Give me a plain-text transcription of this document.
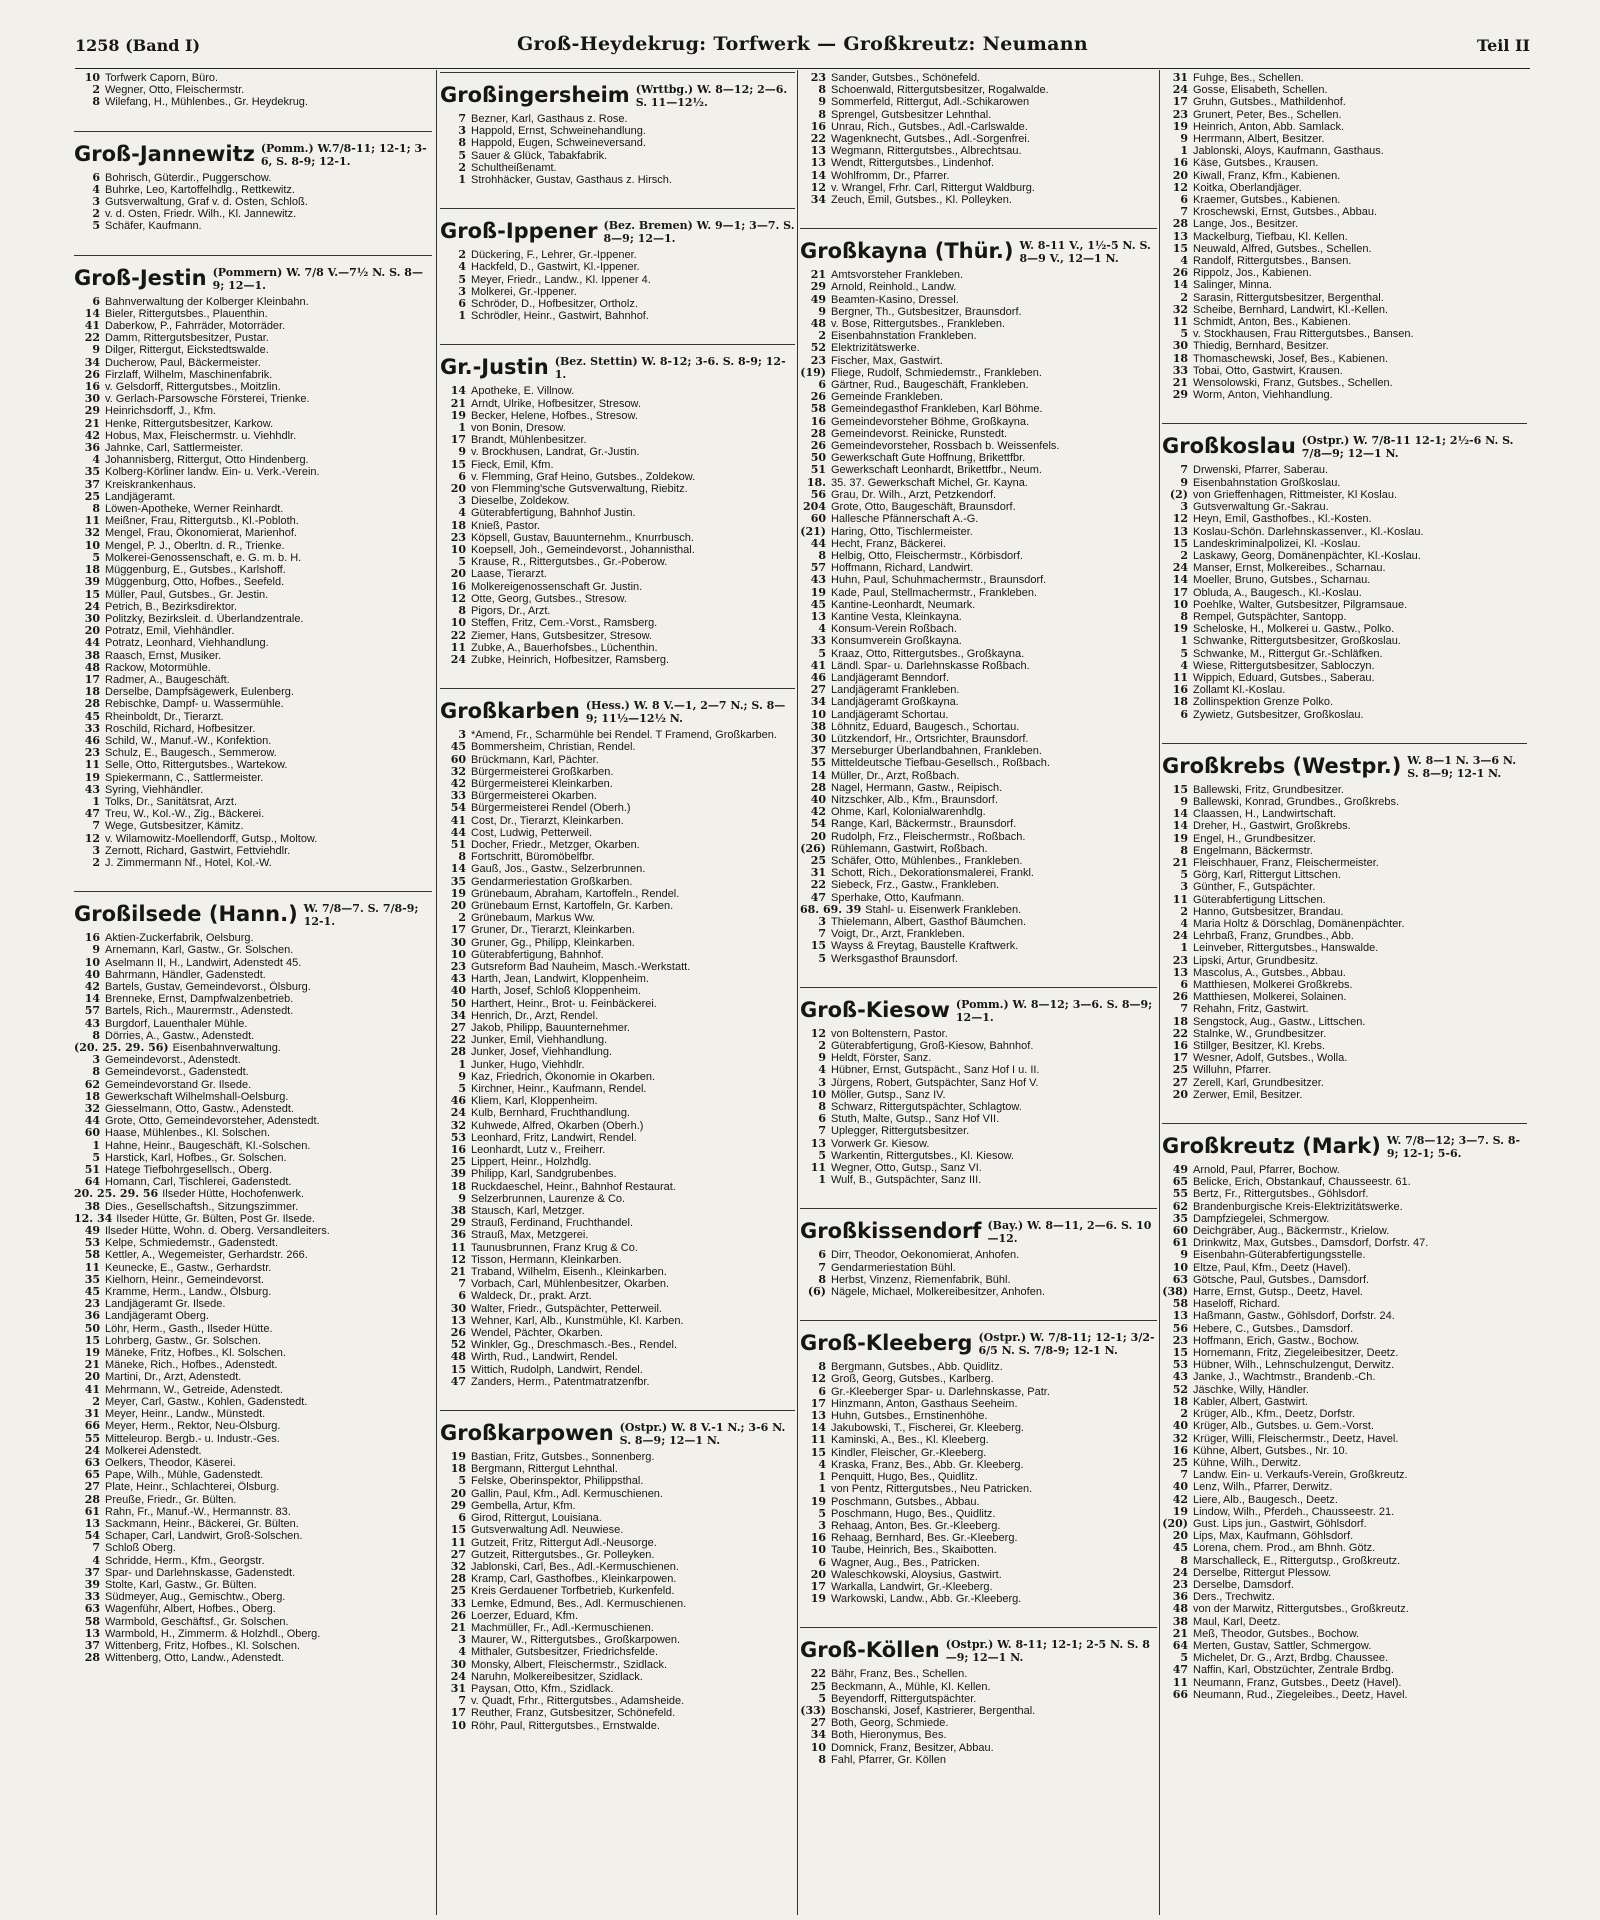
1258 (Band I)	Groß-Heydekrug: Torfwerk — Großkreutz: Neumann	Teil II
10 Torfwerk Caporn, Büro.
2 Wegner, Otto, Fleischermstr.
8 Wilefang, H., Mühlenbes., Gr. Heydekrug.
Groß-Jannewitz (Pomm.) W.7/8-11; 12-1; 3-6, S. 8-9; 12-1.
6 Bohrisch, Güterdir., Puggerschow.
4 Buhrke, Leo, Kartoffelhdlg., Rettkewitz.
3 Gutsverwaltung, Graf v. d. Osten, Schloß.
2 v. d. Osten, Friedr. Wilh., Kl. Jannewitz.
5 Schäfer, Kaufmann.
Groß-Jestin (Pommern) W. 7/8 V.—7½ N. S. 8—9; 12—1.
6 Bahnverwaltung der Kolberger Kleinbahn.
14 Bieler, Rittergutsbes., Plauenthin.
41 Daberkow, P., Fahrräder, Motorräder.
22 Damm, Rittergutsbesitzer, Pustar.
9 Dilger, Rittergut, Eickstedtswalde.
34 Ducherow, Paul, Bäckermeister.
26 Firzlaff, Wilhelm, Maschinenfabrik.
16 v. Gelsdorff, Rittergutsbes., Moitzlin.
30 v. Gerlach-Parsowsche Försterei, Trienke.
29 Heinrichsdorff, J., Kfm.
21 Henke, Rittergutsbesitzer, Karkow.
42 Hobus, Max, Fleischermstr. u. Viehhdlr.
36 Jahnke, Carl, Sattlermeister.
4 Johannisberg, Rittergut, Otto Hindenberg.
35 Kolberg-Körliner landw. Ein- u. Verk.-Verein.
37 Kreiskrankenhaus.
25 Landjägeramt.
8 Löwen-Apotheke, Werner Reinhardt.
11 Meißner, Frau, Rittergutsb., Kl.-Pobloth.
32 Mengel, Frau, Ökonomierat, Marienhof.
10 Mengel, P. J., Oberltn. d. R., Trienke.
5 Molkerei-Genossenschaft, e. G. m. b. H.
18 Müggenburg, E., Gutsbes., Karlshoff.
39 Müggenburg, Otto, Hofbes., Seefeld.
15 Müller, Paul, Gutsbes., Gr. Jestin.
24 Petrich, B., Bezirksdirektor.
30 Politzky, Bezirksleit. d. Überlandzentrale.
20 Potratz, Emil, Viehhändler.
44 Potratz, Leonhard, Viehhandlung.
38 Raasch, Ernst, Musiker.
48 Rackow, Motormühle.
17 Radmer, A., Baugeschäft.
18 Derselbe, Dampfsägewerk, Eulenberg.
28 Rebischke, Dampf- u. Wassermühle.
45 Rheinboldt, Dr., Tierarzt.
33 Roschild, Richard, Hofbesitzer.
46 Schild, W., Manuf.-W., Konfektion.
23 Schulz, E., Baugesch., Semmerow.
11 Selle, Otto, Rittergutsbes., Wartekow.
19 Spiekermann, C., Sattlermeister.
43 Syring, Viehhändler.
1 Tolks, Dr., Sanitätsrat, Arzt.
47 Treu, W., Kol.-W., Zig., Bäckerei.
7 Wege, Gutsbesitzer, Kämitz.
12 v. Wilamowitz-Moellendorff, Gutsp., Moltow.
3 Zernott, Richard, Gastwirt, Fettviehdlr.
2 J. Zimmermann Nf., Hotel, Kol.-W.
Großilsede (Hann.) W. 7/8—7. S. 7/8-9; 12-1.
16 Aktien-Zuckerfabrik, Oelsburg.
9 Arnemann, Karl, Gastw., Gr. Solschen.
10 Aselmann II, H., Landwirt, Adenstedt 45.
40 Bahrmann, Händler, Gadenstedt.
42 Bartels, Gustav, Gemeindevorst., Ölsburg.
14 Brenneke, Ernst, Dampfwalzenbetrieb.
57 Bartels, Rich., Maurermstr., Adenstedt.
43 Burgdorf, Lauenthaler Mühle.
8 Dörries, A., Gastw., Adenstedt.
(20. 25. 29. 56) Eisenbahnverwaltung.
3 Gemeindevorst., Adenstedt.
8 Gemeindevorst., Gadenstedt.
62 Gemeindevorstand Gr. Ilsede.
18 Gewerkschaft Wilhelmshall-Oelsburg.
32 Giesselmann, Otto, Gastw., Adenstedt.
44 Grote, Otto, Gemeindevorsteher, Adenstedt.
60 Haase, Mühlenbes., Kl. Solschen.
1 Hahne, Heinr., Baugeschäft, Kl.-Solschen.
5 Harstick, Karl, Hofbes., Gr. Solschen.
51 Hatege Tiefbohrgesellsch., Oberg.
64 Homann, Carl, Tischlerei, Gadenstedt.
20. 25. 29. 56 Ilseder Hütte, Hochofenwerk.
38 Dies., Gesellschaftsh., Sitzungszimmer.
12. 34 Ilseder Hütte, Gr. Bülten, Post Gr. Ilsede.
49 Ilseder Hütte, Wohn. d. Oberg. Versandleiters.
53 Kelpe, Schmiedemstr., Gadenstedt.
58 Kettler, A., Wegemeister, Gerhardstr. 266.
11 Keunecke, E., Gastw., Gerhardstr.
35 Kielhorn, Heinr., Gemeindevorst.
45 Kramme, Herm., Landw., Ölsburg.
23 Landjägeramt Gr. Ilsede.
36 Landjägeramt Oberg.
50 Löhr, Herm., Gasth., Ilseder Hütte.
15 Lohrberg, Gastw., Gr. Solschen.
19 Mäneke, Fritz, Hofbes., Kl. Solschen.
21 Mäneke, Rich., Hofbes., Adenstedt.
20 Martini, Dr., Arzt, Adenstedt.
41 Mehrmann, W., Getreide, Adenstedt.
2 Meyer, Carl, Gastw., Kohlen, Gadenstedt.
31 Meyer, Heinr., Landw., Münstedt.
66 Meyer, Herm., Rektor, Neu-Ölsburg.
55 Mitteleurop. Bergb.- u. Industr.-Ges.
24 Molkerei Adenstedt.
63 Oelkers, Theodor, Käserei.
65 Pape, Wilh., Mühle, Gadenstedt.
27 Plate, Heinr., Schlachterei, Ölsburg.
28 Preuße, Friedr., Gr. Bülten.
61 Rahn, Fr., Manuf.-W., Hermannstr. 83.
13 Sackmann, Heinr., Bäckerei, Gr. Bülten.
54 Schaper, Carl, Landwirt, Groß-Solschen.
7 Schloß Oberg.
4 Schridde, Herm., Kfm., Georgstr.
37 Spar- und Darlehnskasse, Gadenstedt.
39 Stolte, Karl, Gastw., Gr. Bülten.
33 Südmeyer, Aug., Gemischtw., Oberg.
63 Wagenführ, Albert, Hofbes., Oberg.
58 Warmbold, Geschäftsf., Gr. Solschen.
13 Warmbold, H., Zimmerm. & Holzhdl., Oberg.
37 Wittenberg, Fritz, Hofbes., Kl. Solschen.
28 Wittenberg, Otto, Landw., Adenstedt.
Großingersheim (Wrttbg.) W. 8—12; 2—6. S. 11—12½.
7 Bezner, Karl, Gasthaus z. Rose.
3 Happold, Ernst, Schweinehandlung.
8 Happold, Eugen, Schweineversand.
5 Sauer & Glück, Tabakfabrik.
2 Schultheißenamt.
1 Strohhäcker, Gustav, Gasthaus z. Hirsch.
Groß-Ippener (Bez. Bremen) W. 9—1; 3—7. S. 8—9; 12—1.
2 Dückering, F., Lehrer, Gr.-Ippener.
4 Hackfeld, D., Gastwirt, Kl.-Ippener.
5 Meyer, Friedr., Landw., Kl. Ippener 4.
3 Molkerei, Gr.-Ippener.
6 Schröder, D., Hofbesitzer, Ortholz.
1 Schrödler, Heinr., Gastwirt, Bahnhof.
Gr.-Justin (Bez. Stettin) W. 8-12; 3-6. S. 8-9; 12-1.
14 Apotheke, E. Villnow.
21 Arndt, Ulrike, Hofbesitzer, Stresow.
19 Becker, Helene, Hofbes., Stresow.
1 von Bonin, Dresow.
17 Brandt, Mühlenbesitzer.
9 v. Brockhusen, Landrat, Gr.-Justin.
15 Fieck, Emil, Kfm.
6 v. Flemming, Graf Heino, Gutsbes., Zoldekow.
20 von Flemming'sche Gutsverwaltung, Riebitz.
3 Dieselbe, Zoldekow.
4 Güterabfertigung, Bahnhof Justin.
18 Knieß, Pastor.
23 Köpsell, Gustav, Bauunternehm., Knurrbusch.
10 Koepsell, Joh., Gemeindevorst., Johannisthal.
5 Krause, R., Rittergutsbes., Gr.-Poberow.
20 Laase, Tierarzt.
16 Molkereigenossenschaft Gr. Justin.
12 Otte, Georg, Gutsbes., Stresow.
8 Pigors, Dr., Arzt.
10 Steffen, Fritz, Cem.-Vorst., Ramsberg.
22 Ziemer, Hans, Gutsbesitzer, Stresow.
11 Zubke, A., Bauerhofsbes., Lüchenthin.
24 Zubke, Heinrich, Hofbesitzer, Ramsberg.
Großkarben (Hess.) W. 8 V.—1, 2—7 N.; S. 8—9; 11½—12½ N.
3 *Amend, Fr., Scharmühle bei Rendel. T Framend, Großkarben.
45 Bommersheim, Christian, Rendel.
60 Brückmann, Karl, Pächter.
32 Bürgermeisterei Großkarben.
42 Bürgermeisterei Kleinkarben.
33 Bürgermeisterei Okarben.
54 Bürgermeisterei Rendel (Oberh.)
41 Cost, Dr., Tierarzt, Kleinkarben.
44 Cost, Ludwig, Petterweil.
51 Docher, Friedr., Metzger, Okarben.
8 Fortschritt, Büromöbelfbr.
14 Gauß, Jos., Gastw., Selzerbrunnen.
35 Gendarmeriestation Großkarben.
19 Grünebaum, Abraham, Kartoffeln., Rendel.
20 Grünebaum Ernst, Kartoffeln, Gr. Karben.
2 Grünebaum, Markus Ww.
17 Gruner, Dr., Tierarzt, Kleinkarben.
30 Gruner, Gg., Philipp, Kleinkarben.
10 Güterabfertigung, Bahnhof.
23 Gutsreform Bad Nauheim, Masch.-Werkstatt.
43 Harth, Jean, Landwirt, Kloppenheim.
40 Harth, Josef, Schloß Kloppenheim.
50 Harthert, Heinr., Brot- u. Feinbäckerei.
34 Henrich, Dr., Arzt, Rendel.
27 Jakob, Philipp, Bauunternehmer.
22 Junker, Emil, Viehhandlung.
28 Junker, Josef, Viehhandlung.
1 Junker, Hugo, Viehhdlr.
9 Kaz, Friedrich, Ökonomie in Okarben.
5 Kirchner, Heinr., Kaufmann, Rendel.
46 Kliem, Karl, Kloppenheim.
24 Kulb, Bernhard, Fruchthandlung.
32 Kuhwede, Alfred, Okarben (Oberh.)
53 Leonhard, Fritz, Landwirt, Rendel.
16 Leonhardt, Lutz v., Freiherr.
25 Lippert, Heinr., Holzhdlg.
39 Philipp, Karl, Sandgrubenbes.
18 Ruckdaeschel, Heinr., Bahnhof Restaurat.
9 Selzerbrunnen, Laurenze & Co.
38 Stausch, Karl, Metzger.
29 Strauß, Ferdinand, Fruchthandel.
36 Strauß, Max, Metzgerei.
11 Taunusbrunnen, Franz Krug & Co.
12 Tisson, Hermann, Kleinkarben.
21 Traband, Wilhelm, Eisenh., Kleinkarben.
7 Vorbach, Carl, Mühlenbesitzer, Okarben.
6 Waldeck, Dr., prakt. Arzt.
30 Walter, Friedr., Gutspächter, Petterweil.
13 Wehner, Karl, Alb., Kunstmühle, Kl. Karben.
26 Wendel, Pächter, Okarben.
52 Winkler, Gg., Dreschmasch.-Bes., Rendel.
48 Wirth, Rud., Landwirt, Rendel.
15 Wittich, Rudolph, Landwirt, Rendel.
47 Zanders, Herm., Patentmatratzenfbr.
Großkarpowen (Ostpr.) W. 8 V.-1 N.; 3-6 N. S. 8—9; 12—1 N.
19 Bastian, Fritz, Gutsbes., Sonnenberg.
18 Bergmann, Rittergut Lehnthal.
5 Felske, Oberinspektor, Philippsthal.
20 Gallin, Paul, Kfm., Adl. Kermuschienen.
29 Gembella, Artur, Kfm.
6 Girod, Rittergut, Louisiana.
15 Gutsverwaltung Adl. Neuwiese.
11 Gutzeit, Fritz, Rittergut Adl.-Neusorge.
27 Gutzeit, Rittergutsbes., Gr. Polleyken.
32 Jablonski, Carl, Bes., Adl.-Kermuschienen.
28 Kramp, Carl, Gasthofbes., Kleinkarpowen.
25 Kreis Gerdauener Torfbetrieb, Kurkenfeld.
33 Lemke, Edmund, Bes., Adl. Kermuschienen.
26 Loerzer, Eduard, Kfm.
21 Machmüller, Fr., Adl.-Kermuschienen.
3 Maurer, W., Rittergutsbes., Großkarpowen.
4 Mithaler, Gutsbesitzer, Friedrichsfelde.
30 Monsky, Albert, Fleischermstr., Szidlack.
24 Naruhn, Molkereibesitzer, Szidlack.
31 Paysan, Otto, Kfm., Szidlack.
7 v. Quadt, Frhr., Rittergutsbes., Adamsheide.
17 Reuther, Franz, Gutsbesitzer, Schönefeld.
10 Röhr, Paul, Rittergutsbes., Ernstwalde.
23 Sander, Gutsbes., Schönefeld.
8 Schoenwald, Rittergutsbesitzer, Rogalwalde.
9 Sommerfeld, Rittergut, Adl.-Schikarowen
8 Sprengel, Gutsbesitzer Lehnthal.
16 Unrau, Rich., Gutsbes., Adl.-Carlswalde.
22 Wagenknecht, Gutsbes., Adl.-Sorgenfrei.
13 Wegmann, Rittergutsbes., Albrechtsau.
13 Wendt, Rittergutsbes., Lindenhof.
14 Wohlfromm, Dr., Pfarrer.
12 v. Wrangel, Frhr. Carl, Rittergut Waldburg.
34 Zeuch, Emil, Gutsbes., Kl. Polleyken.
Großkayna (Thür.) W. 8-11 V., 1½-5 N. S. 8—9 V., 12—1 N.
21 Amtsvorsteher Frankleben.
29 Arnold, Reinhold., Landw.
49 Beamten-Kasino, Dressel.
9 Bergner, Th., Gutsbesitzer, Braunsdorf.
48 v. Bose, Rittergutsbes., Frankleben.
2 Eisenbahnstation Frankleben.
52 Elektrizitätswerke.
23 Fischer, Max, Gastwirt.
(19) Fliege, Rudolf, Schmiedemstr., Frankleben.
6 Gärtner, Rud., Baugeschäft, Frankleben.
26 Gemeinde Frankleben.
58 Gemeindegasthof Frankleben, Karl Böhme.
16 Gemeindevorsteher Böhme, Großkayna.
28 Gemeindevorst. Reinicke, Runstedt.
26 Gemeindevorsteher, Rossbach b. Weissenfels.
50 Gewerkschaft Gute Hoffnung, Brikettfbr.
51 Gewerkschaft Leonhardt, Brikettfbr., Neum.
18. 35. 37. Gewerkschaft Michel, Gr. Kayna.
56 Grau, Dr. Wilh., Arzt, Petzkendorf.
204 Grote, Otto, Baugeschäft, Braunsdorf.
60 Hallesche Pfännerschaft A.-G.
(21) Haring, Otto, Tischlermeister.
44 Hecht, Franz, Bäckerei.
8 Helbig, Otto, Fleischermstr., Körbisdorf.
57 Hoffmann, Richard, Landwirt.
43 Huhn, Paul, Schuhmachermstr., Braunsdorf.
19 Kade, Paul, Stellmachermstr., Frankleben.
45 Kantine-Leonhardt, Neumark.
13 Kantine Vesta, Kleinkayna.
4 Konsum-Verein Roßbach.
33 Konsumverein Großkayna.
5 Kraaz, Otto, Rittergutsbes., Großkayna.
41 Ländl. Spar- u. Darlehnskasse Roßbach.
46 Landjägeramt Benndorf.
27 Landjägeramt Frankleben.
34 Landjägeramt Großkayna.
10 Landjägeramt Schortau.
38 Löhnitz, Eduard, Baugesch., Schortau.
30 Lützkendorf, Hr., Ortsrichter, Braunsdorf.
37 Merseburger Überlandbahnen, Frankleben.
55 Mitteldeutsche Tiefbau-Gesellsch., Roßbach.
14 Müller, Dr., Arzt, Roßbach.
28 Nagel, Hermann, Gastw., Reipisch.
40 Nitzschker, Alb., Kfm., Braunsdorf.
42 Ohme, Karl, Kolonialwarenhdlg.
54 Range, Karl, Bäckermstr., Braunsdorf.
20 Rudolph, Frz., Fleischermstr., Roßbach.
(26) Rühlemann, Gastwirt, Roßbach.
25 Schäfer, Otto, Mühlenbes., Frankleben.
31 Schott, Rich., Dekorationsmalerei, Frankl.
22 Siebeck, Frz., Gastw., Frankleben.
47 Sperhake, Otto, Kaufmann.
68. 69. 39 Stahl- u. Eisenwerk Frankleben.
3 Thielemann, Albert, Gasthof Bäumchen.
7 Voigt, Dr., Arzt, Frankleben.
15 Wayss & Freytag, Baustelle Kraftwerk.
5 Werksgasthof Braunsdorf.
Groß-Kiesow (Pomm.) W. 8—12; 3—6. S. 8—9; 12—1.
12 von Boltenstern, Pastor.
2 Güterabfertigung, Groß-Kiesow, Bahnhof.
9 Heldt, Förster, Sanz.
4 Hübner, Ernst, Gutspächt., Sanz Hof I u. II.
3 Jürgens, Robert, Gutspächter, Sanz Hof V.
10 Möller, Gutsp., Sanz IV.
8 Schwarz, Rittergutspächter, Schlagtow.
6 Stuth, Malte, Gutsp., Sanz Hof VII.
7 Uplegger, Rittergutsbesitzer.
13 Vorwerk Gr. Kiesow.
5 Warkentin, Rittergutsbes., Kl. Kiesow.
11 Wegner, Otto, Gutsp., Sanz VI.
1 Wulf, B., Gutspächter, Sanz III.
Großkissendorf (Bay.) W. 8—11, 2—6. S. 10—12.
6 Dirr, Theodor, Oekonomierat, Anhofen.
7 Gendarmeriestation Bühl.
8 Herbst, Vinzenz, Riemenfabrik, Bühl.
(6) Nägele, Michael, Molkereibesitzer, Anhofen.
Groß-Kleeberg (Ostpr.) W. 7/8-11; 12-1; 3/2-6/5 N. S. 7/8-9; 12-1 N.
8 Bergmann, Gutsbes., Abb. Quidlitz.
12 Groß, Georg, Gutsbes., Karlberg.
6 Gr.-Kleeberger Spar- u. Darlehnskasse, Patr.
17 Hinzmann, Anton, Gasthaus Seeheim.
13 Huhn, Gutsbes., Ernstinenhöhe.
14 Jakubowski, T., Fischerei, Gr. Kleeberg.
11 Kaminski, A., Bes., Kl. Kleeberg.
15 Kindler, Fleischer, Gr.-Kleeberg.
4 Kraska, Franz, Bes., Abb. Gr. Kleeberg.
1 Penquitt, Hugo, Bes., Quidlitz.
1 von Pentz, Rittergutsbes., Neu Patricken.
19 Poschmann, Gutsbes., Abbau.
5 Poschmann, Hugo, Bes., Quidlitz.
3 Rehaag, Anton, Bes. Gr.-Kleeberg.
16 Rehaag, Bernhard, Bes. Gr.-Kleeberg.
10 Taube, Heinrich, Bes., Skaibotten.
6 Wagner, Aug., Bes., Patricken.
20 Waleschkowski, Aloysius, Gastwirt.
17 Warkalla, Landwirt, Gr.-Kleeberg.
19 Warkowski, Landw., Abb. Gr.-Kleeberg.
Groß-Köllen (Ostpr.) W. 8-11; 12-1; 2-5 N. S. 8—9; 12—1 N.
22 Bähr, Franz, Bes., Schellen.
25 Beckmann, A., Mühle, Kl. Kellen.
5 Beyendorff, Rittergutspächter.
(33) Boschanski, Josef, Kastrierer, Bergenthal.
27 Both, Georg, Schmiede.
34 Both, Hieronymus, Bes.
10 Domnick, Franz, Besitzer, Abbau.
8 Fahl, Pfarrer, Gr. Köllen
31 Fuhge, Bes., Schellen.
24 Gosse, Elisabeth, Schellen.
17 Gruhn, Gutsbes., Mathildenhof.
23 Grunert, Peter, Bes., Schellen.
19 Heinrich, Anton, Abb. Samlack.
9 Herrmann, Albert, Besitzer.
1 Jablonski, Aloys, Kaufmann, Gasthaus.
16 Käse, Gutsbes., Krausen.
20 Kiwall, Franz, Kfm., Kabienen.
12 Koitka, Oberlandjäger.
6 Kraemer, Gutsbes., Kabienen.
7 Kroschewski, Ernst, Gutsbes., Abbau.
28 Lange, Jos., Besitzer.
13 Mackelburg, Tiefbau, Kl. Kellen.
15 Neuwald, Alfred, Gutsbes., Schellen.
4 Randolf, Rittergutsbes., Bansen.
26 Rippolz, Jos., Kabienen.
14 Salinger, Minna.
2 Sarasin, Rittergutsbesitzer, Bergenthal.
32 Scheibe, Bernhard, Landwirt, Kl.-Kellen.
11 Schmidt, Anton, Bes., Kabienen.
5 v. Stockhausen, Frau Rittergutsbes., Bansen.
30 Thiedig, Bernhard, Besitzer.
18 Thomaschewski, Josef, Bes., Kabienen.
33 Tobai, Otto, Gastwirt, Krausen.
21 Wensolowski, Franz, Gutsbes., Schellen.
29 Worm, Anton, Viehhandlung.
Großkoslau (Ostpr.) W. 7/8-11 12-1; 2½-6 N. S. 7/8—9; 12—1 N.
7 Drwenski, Pfarrer, Saberau.
9 Eisenbahnstation Großkoslau.
(2) von Grieffenhagen, Rittmeister, Kl Koslau.
3 Gutsverwaltung Gr.-Sakrau.
12 Heyn, Emil, Gasthofbes., Kl.-Kosten.
13 Koslau-Schön. Darlehnskassenver., Kl.-Koslau.
15 Landeskriminalpolizei, Kl. -Koslau.
2 Laskawy, Georg, Domänenpächter, Kl.-Koslau.
24 Manser, Ernst, Molkereibes., Scharnau.
14 Moeller, Bruno, Gutsbes., Scharnau.
17 Obluda, A., Baugesch., Kl.-Koslau.
10 Poehlke, Walter, Gutsbesitzer, Pilgramsaue.
8 Rempel, Gutspächter, Santopp.
19 Scheloske, H., Molkerei u. Gastw., Polko.
1 Schwanke, Rittergutsbesitzer, Großkoslau.
5 Schwanke, M., Rittergut Gr.-Schläfken.
4 Wiese, Rittergutsbesitzer, Sabloczyn.
11 Wippich, Eduard, Gutsbes., Saberau.
16 Zollamt Kl.-Koslau.
18 Zollinspektion Grenze Polko.
6 Zywietz, Gutsbesitzer, Großkoslau.
Großkrebs (Westpr.) W. 8—1 N. 3—6 N. S. 8—9; 12-1 N.
15 Ballewski, Fritz, Grundbesitzer.
9 Ballewski, Konrad, Grundbes., Großkrebs.
14 Claassen, H., Landwirtschaft.
14 Dreher, H., Gastwirt, Großkrebs.
19 Engel, H., Grundbesitzer.
8 Engelmann, Bäckermstr.
21 Fleischhauer, Franz, Fleischermeister.
5 Görg, Karl, Rittergut Littschen.
3 Günther, F., Gutspächter.
11 Güterabfertigung Littschen.
2 Hanno, Gutsbesitzer, Brandau.
4 Maria Holtz & Dörschlag, Domänenpächter.
24 Lehrbaß, Franz, Grundbes., Abb.
1 Leinveber, Rittergutsbes., Hanswalde.
23 Lipski, Artur, Grundbesitz.
13 Mascolus, A., Gutsbes., Abbau.
6 Matthiesen, Molkerei Großkrebs.
26 Matthiesen, Molkerei, Solainen.
7 Rehahn, Fritz, Gastwirt.
18 Sengstock, Aug., Gastw., Littschen.
22 Stalnke, W., Grundbesitzer.
16 Stillger, Besitzer, Kl. Krebs.
17 Wesner, Adolf, Gutsbes., Wolla.
25 Willuhn, Pfarrer.
27 Zerell, Karl, Grundbesitzer.
20 Zerwer, Emil, Besitzer.
Großkreutz (Mark) W. 7/8—12; 3—7. S. 8-9; 12-1; 5-6.
49 Arnold, Paul, Pfarrer, Bochow.
65 Belicke, Erich, Obstankauf, Chausseestr. 61.
55 Bertz, Fr., Rittergutsbes., Göhlsdorf.
62 Brandenburgische Kreis-Elektrizitätswerke.
35 Dampfziegelei, Schmergow.
60 Deichgräber, Aug., Bäckermstr., Krielow.
61 Drinkwitz, Max, Gutsbes., Damsdorf, Dorfstr. 47.
9 Eisenbahn-Güterabfertigungsstelle.
10 Eltze, Paul, Kfm., Deetz (Havel).
63 Götsche, Paul, Gutsbes., Damsdorf.
(38) Harre, Ernst, Gutsp., Deetz, Havel.
58 Haseloff, Richard.
13 Haßmann, Gastw., Göhlsdorf, Dorfstr. 24.
56 Hebere, C., Gutsbes., Damsdorf.
23 Hoffmann, Erich, Gastw., Bochow.
15 Hornemann, Fritz, Ziegeleibesitzer, Deetz.
53 Hübner, Wilh., Lehnschulzengut, Derwitz.
43 Janke, J., Wachtmstr., Brandenb.-Ch.
52 Jäschke, Willy, Händler.
18 Kabler, Albert, Gastwirt.
2 Krüger, Alb., Kfm., Deetz, Dorfstr.
40 Krüger, Alb., Gutsbes. u. Gem.-Vorst.
32 Krüger, Willi, Fleischermstr., Deetz, Havel.
16 Kühne, Albert, Gutsbes., Nr. 10.
25 Kühne, Wilh., Derwitz.
7 Landw. Ein- u. Verkaufs-Verein, Großkreutz.
40 Lenz, Wilh., Pfarrer, Derwitz.
42 Liere, Alb., Baugesch., Deetz.
19 Lindow, Wilh., Pferdeh., Chausseestr. 21.
(20) Gust. Lips jun., Gastwirt, Göhlsdorf.
20 Lips, Max, Kaufmann, Göhlsdorf.
45 Lorena, chem. Prod., am Bhnh. Götz.
8 Marschalleck, E., Rittergutsp., Großkreutz.
24 Derselbe, Rittergut Plessow.
23 Derselbe, Damsdorf.
36 Ders., Trechwitz.
48 von der Marwitz, Rittergutsbes., Großkreutz.
38 Maul, Karl, Deetz.
21 Meß, Theodor, Gutsbes., Bochow.
64 Merten, Gustav, Sattler, Schmergow.
5 Michelet, Dr. G., Arzt, Brdbg. Chaussee.
47 Naffin, Karl, Obstzüchter, Zentrale Brdbg.
11 Neumann, Franz, Gutsbes., Deetz (Havel).
66 Neumann, Rud., Ziegeleibes., Deetz, Havel.
